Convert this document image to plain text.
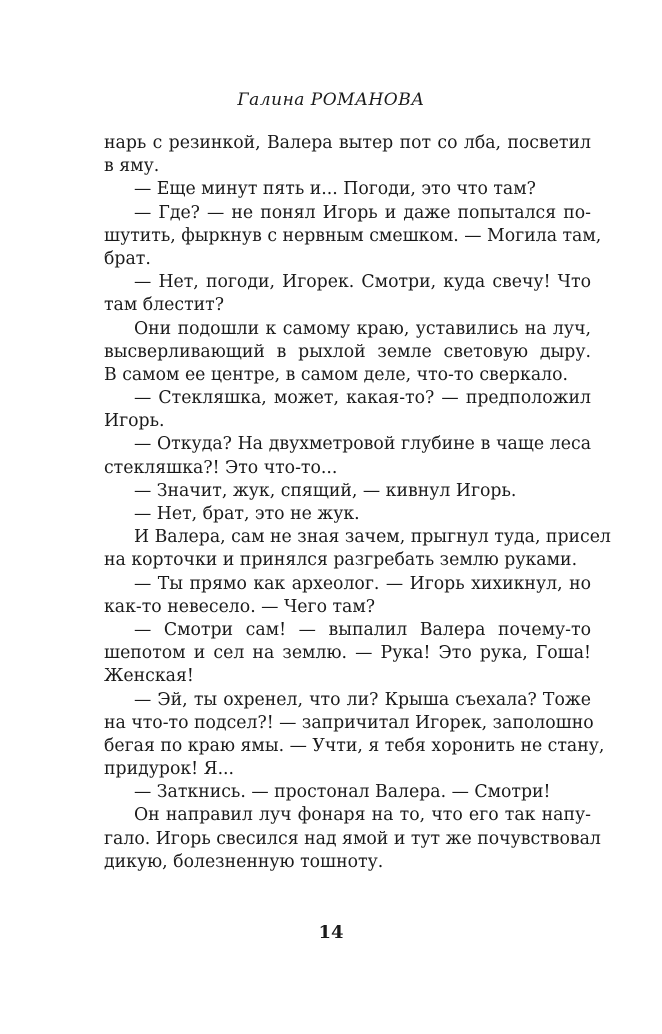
Галина РОМАНОВА
нарь с резинкой, Валера вытер пот со лба, посветил
в яму.
— Еще минут пять и... Погоди, это что там?
— Где? — не понял Игорь и даже попытался по-
шутить, фыркнув с нервным смешком. — Могила там,
брат.
— Нет, погоди, Игорек. Смотри, куда свечу! Что
там блестит?
Они подошли к самому краю, уставились на луч,
высверливающий в рыхлой земле световую дыру.
В самом ее центре, в самом деле, что-то сверкало.
— Стекляшка, может, какая-то? — предположил
Игорь.
— Откуда? На двухметровой глубине в чаще леса
стекляшка?! Это что-то...
— Значит, жук, спящий, — кивнул Игорь.
— Нет, брат, это не жук.
И Валера, сам не зная зачем, прыгнул туда, присел
на корточки и принялся разгребать землю руками.
— Ты прямо как археолог. — Игорь хихикнул, но
как-то невесело. — Чего там?
— Смотри сам! — выпалил Валера почему-то
шепотом и сел на землю. — Рука! Это рука, Гоша!
Женская!
— Эй, ты охренел, что ли? Крыша съехала? Тоже
на что-то подсел?! — запричитал Игорек, заполошно
бегая по краю ямы. — Учти, я тебя хоронить не стану,
придурок! Я...
— Заткнись. — простонал Валера. — Смотри!
Он направил луч фонаря на то, что его так напу-
гало. Игорь свесился над ямой и тут же почувствовал
дикую, болезненную тошноту.
14
